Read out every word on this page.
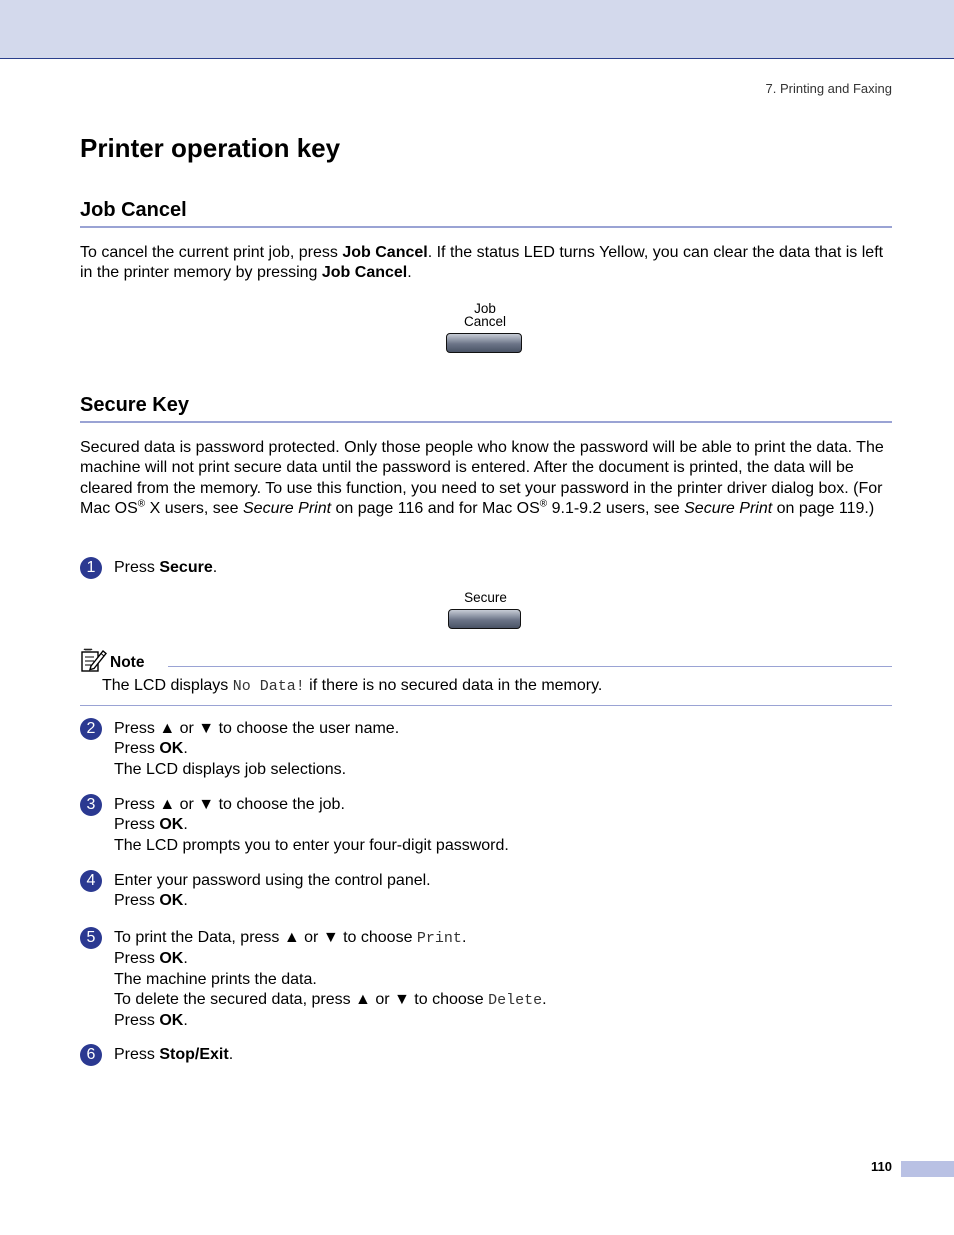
7. Printing and Faxing
Printer operation key
Job Cancel

To cancel the current print job, press Job Cancel. If the status LED turns Yellow, you can clear the data that is left in the printer memory by pressing Job Cancel.

Job
Cancel
Secure Key

Secured data is password protected. Only those people who know the password will be able to print the data. The machine will not print secure data until the password is entered. After the document is printed, the data will be cleared from the memory. To use this function, you need to set your password in the printer driver dialog box. (For Mac OS® X users, see Secure Print on page 116 and for Mac OS® 9.1-9.2 users, see Secure Print on page 119.)

1	Press Secure.

Secure
Note
The LCD displays No Data! if there is no secured data in the memory.
2	Press ▲ or ▼ to choose the user name.

Press OK.

The LCD displays job selections.

3	Press ▲ or ▼ to choose the job.

Press OK.

The LCD prompts you to enter your four-digit password.

4	Enter your password using the control panel.

Press OK.

5	To print the Data, press ▲ or ▼ to choose Print.

Press OK.

The machine prints the data.

To delete the secured data, press ▲ or ▼ to choose Delete.

Press OK.

6	Press Stop/Exit.

110
